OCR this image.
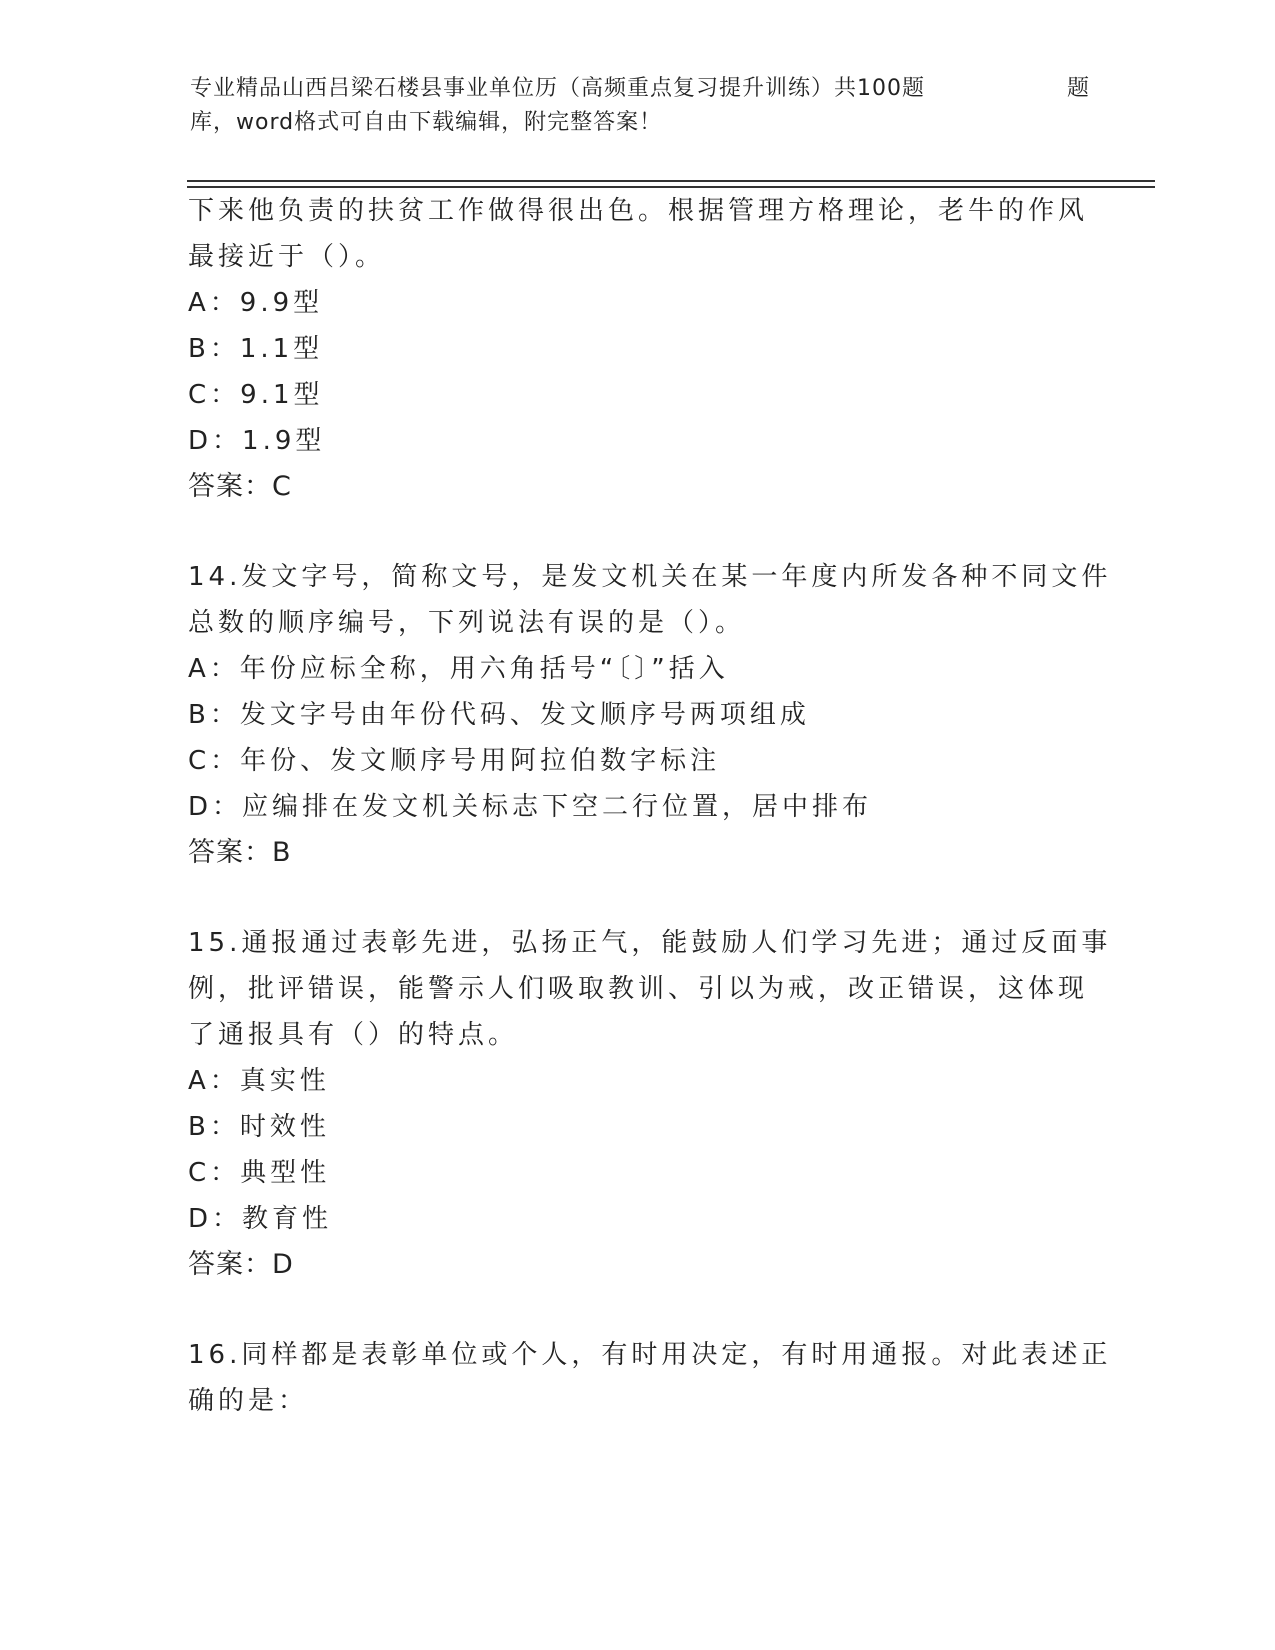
专业精品山西吕梁石楼县事业单位历（高频重点复习提升训练）共100题	题
库，word格式可自由下载编辑，附完整答案！
下来他负责的扶贫工作做得很出色。根据管理方格理论，老牛的作风
最接近于（）。
A：9.9型
B：1.1型
C：9.1型
D：1.9型
答案：C
14.发文字号，简称文号，是发文机关在某一年度内所发各种不同文件
总数的顺序编号，下列说法有误的是（）。
A：年份应标全称，用六角括号“〔〕”括入
B：发文字号由年份代码、发文顺序号两项组成
C：年份、发文顺序号用阿拉伯数字标注
D：应编排在发文机关标志下空二行位置，居中排布
答案：B
15.通报通过表彰先进，弘扬正气，能鼓励人们学习先进；通过反面事
例，批评错误，能警示人们吸取教训、引以为戒，改正错误，这体现
了通报具有（）的特点。
A：真实性
B：时效性
C：典型性
D：教育性
答案：D
16.同样都是表彰单位或个人，有时用决定，有时用通报。对此表述正
确的是：
